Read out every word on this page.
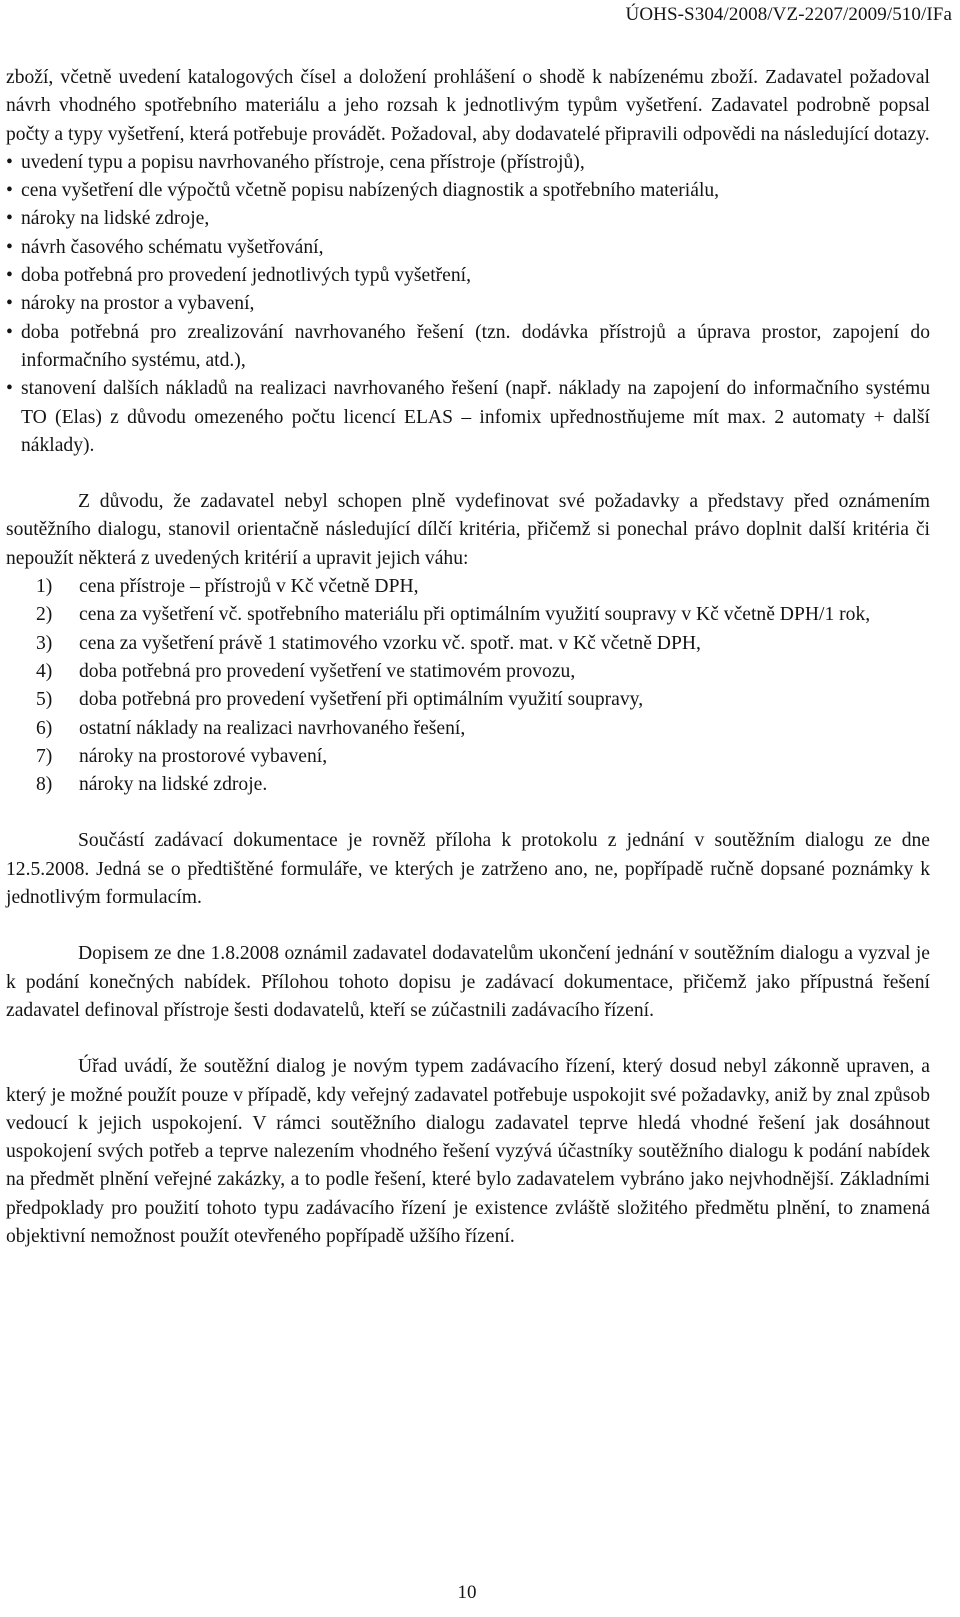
ÚOHS-S304/2008/VZ-2207/2009/510/IFa

zboží, včetně uvedení katalogových čísel a doložení prohlášení o shodě k nabízenému zboží. Zadavatel požadoval návrh vhodného spotřebního materiálu a jeho rozsah k jednotlivým typům vyšetření. Zadavatel podrobně popsal počty a typy vyšetření, která potřebuje provádět. Požadoval, aby dodavatelé připravili odpovědi na následující dotazy.

• uvedení typu a popisu navrhovaného přístroje, cena přístroje (přístrojů),
• cena vyšetření dle výpočtů včetně popisu nabízených diagnostik a spotřebního materiálu,
• nároky na lidské zdroje,
• návrh časového schématu vyšetřování,
• doba potřebná pro provedení jednotlivých typů vyšetření,
• nároky na prostor a vybavení,
• doba potřebná pro zrealizování navrhovaného řešení (tzn. dodávka přístrojů a úprava prostor, zapojení do informačního systému, atd.),
• stanovení dalších nákladů na realizaci navrhovaného řešení (např. náklady na zapojení do informačního systému TO (Elas) z důvodu omezeného počtu licencí ELAS – infomix upřednostňujeme mít max. 2 automaty + další náklady).

Z důvodu, že zadavatel nebyl schopen plně vydefinovat své požadavky a představy před oznámením soutěžního dialogu, stanovil orientačně následující dílčí kritéria, přičemž si ponechal právo doplnit další kritéria či nepoužít některá z uvedených kritérií a upravit jejich váhu:

1)	cena přístroje – přístrojů v Kč včetně DPH,
2)	cena za vyšetření vč. spotřebního materiálu při optimálním využití soupravy v Kč včetně DPH/1 rok,
3)	cena za vyšetření právě 1 statimového vzorku vč. spotř. mat. v Kč včetně DPH,
4)	doba potřebná pro provedení vyšetření ve statimovém provozu,
5)	doba potřebná pro provedení vyšetření při optimálním využití soupravy,
6)	ostatní náklady na realizaci navrhovaného řešení,
7)	nároky na prostorové vybavení,
8)	nároky na lidské zdroje.

Součástí zadávací dokumentace je rovněž příloha k protokolu z jednání v soutěžním dialogu ze dne 12.5.2008. Jedná se o předtištěné formuláře, ve kterých je zatrženo ano, ne, popřípadě ručně dopsané poznámky k jednotlivým formulacím.

Dopisem ze dne 1.8.2008 oznámil zadavatel dodavatelům ukončení jednání v soutěžním dialogu a vyzval je k podání konečných nabídek. Přílohou tohoto dopisu je zadávací dokumentace, přičemž jako přípustná řešení zadavatel definoval přístroje šesti dodavatelů, kteří se zúčastnili zadávacího řízení.

Úřad uvádí, že soutěžní dialog je novým typem zadávacího řízení, který dosud nebyl zákonně upraven, a který je možné použít pouze v případě, kdy veřejný zadavatel potřebuje uspokojit své požadavky, aniž by znal způsob vedoucí k jejich uspokojení. V rámci soutěžního dialogu zadavatel teprve hledá vhodné řešení jak dosáhnout uspokojení svých potřeb a teprve nalezením vhodného řešení vyzývá účastníky soutěžního dialogu k podání nabídek na předmět plnění veřejné zakázky, a to podle řešení, které bylo zadavatelem vybráno jako nejvhodnější. Základními předpoklady pro použití tohoto typu zadávacího řízení je existence zvláště složitého předmětu plnění, to znamená objektivní nemožnost použít otevřeného popřípadě užšího řízení.

10
